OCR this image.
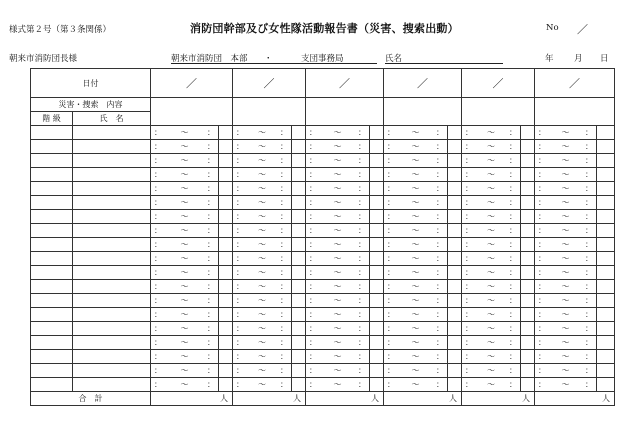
様式第２号（第３条関係）	消防団幹部及び女性隊活動報告書（災害、捜索出動）	No ／
朝来市消防団長様	朝来市消防団　本部 ・	支団事務局	氏名	年 月 日
日付		／		／		／		／		／		／	
災害・捜索　内容													
階 級	氏　名												

		： ～ ：		： ～ ：		： ～ ：		： ～ ：		： ～ ：		： ～ ：	

		： ～ ：		： ～ ：		： ～ ：		： ～ ：		： ～ ：		： ～ ：	

		： ～ ：		： ～ ：		： ～ ：		： ～ ：		： ～ ：		： ～ ：	

		： ～ ：		： ～ ：		： ～ ：		： ～ ：		： ～ ：		： ～ ：	

		： ～ ：		： ～ ：		： ～ ：		： ～ ：		： ～ ：		： ～ ：	

		： ～ ：		： ～ ：		： ～ ：		： ～ ：		： ～ ：		： ～ ：	

		： ～ ：		： ～ ：		： ～ ：		： ～ ：		： ～ ：		： ～ ：	

		： ～ ：		： ～ ：		： ～ ：		： ～ ：		： ～ ：		： ～ ：	

		： ～ ：		： ～ ：		： ～ ：		： ～ ：		： ～ ：		： ～ ：	

		： ～ ：		： ～ ：		： ～ ：		： ～ ：		： ～ ：		： ～ ：	

		： ～ ：		： ～ ：		： ～ ：		： ～ ：		： ～ ：		： ～ ：	

		： ～ ：		： ～ ：		： ～ ：		： ～ ：		： ～ ：		： ～ ：	

		： ～ ：		： ～ ：		： ～ ：		： ～ ：		： ～ ：		： ～ ：	

		： ～ ：		： ～ ：		： ～ ：		： ～ ：		： ～ ：		： ～ ：	

		： ～ ：		： ～ ：		： ～ ：		： ～ ：		： ～ ：		： ～ ：	

		： ～ ：		： ～ ：		： ～ ：		： ～ ：		： ～ ：		： ～ ：	

		： ～ ：		： ～ ：		： ～ ：		： ～ ：		： ～ ：		： ～ ：	

		： ～ ：		： ～ ：		： ～ ：		： ～ ：		： ～ ：		： ～ ：	

		： ～ ：		： ～ ：		： ～ ：		： ～ ：		： ～ ：		： ～ ：	

合　計		人		人		人		人		人		人	
